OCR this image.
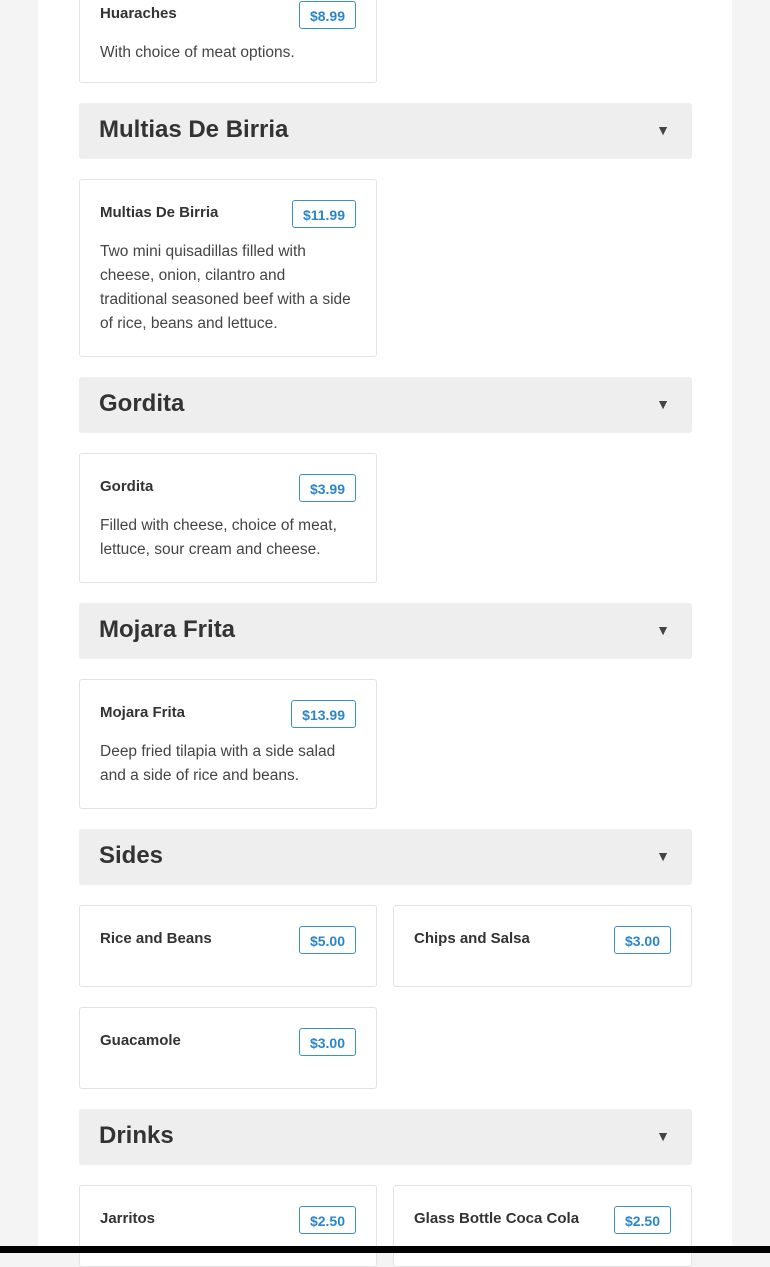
Huaraches	$8.99
With choice of meat options.
Multias De Birria	▼
Multias De Birria	$11.99
Two mini quisadillas filled with cheese, onion, cilantro and traditional seasoned beef with a side of rice, beans and lettuce.
Gordita	▼
Gordita	$3.99
Filled with cheese, choice of meat, lettuce, sour cream and cheese.
Mojara Frita	▼
Mojara Frita	$13.99
Deep fried tilapia with a side salad and a side of rice and beans.
Sides	▼
Rice and Beans	$5.00	Chips and Salsa	$3.00
Guacamole	$3.00
Drinks	▼
Jarritos	$2.50	Glass Bottle Coca Cola	$2.50
